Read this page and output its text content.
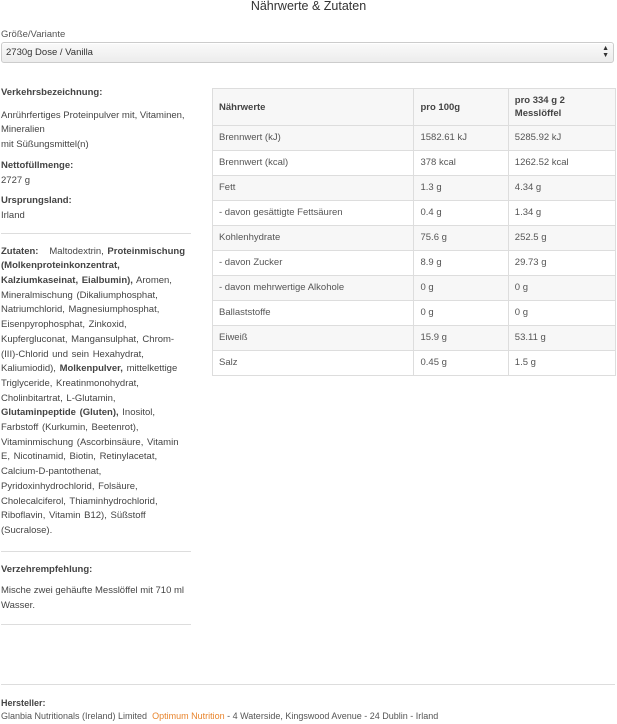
Nährwerte & Zutaten
Größe/Variante
2730g Dose / Vanilla	▲
▼
Verkehrsbezeichnung:
Anrührfertiges Proteinpulver mit, Vitaminen, Mineralien
mit Süßungsmittel(n)
Nettofüllmenge:
2727 g
Ursprungsland:
Irland
Zutaten: Maltodextrin, Proteinmischung (Molkenproteinkonzentrat, Kalziumkaseinat, Eialbumin), Aromen, Mineralmischung (Dikaliumphosphat, Natriumchlorid, Magnesiumphosphat, Eisenpyrophosphat, Zinkoxid, Kupfergluconat, Mangansulphat, Chrom-(III)-Chlorid und sein Hexahydrat, Kaliumiodid), Molkenpulver, mittelkettige Triglyceride, Kreatinmonohydrat, Cholinbitartrat, L-Glutamin, Glutaminpeptide (Gluten), Inositol, Farbstoff (Kurkumin, Beetenrot), Vitaminmischung (Ascorbinsäure, Vitamin E, Nicotinamid, Biotin, Retinylacetat, Calcium-D-pantothenat, Pyridoxinhydrochlorid, Folsäure, Cholecalciferol, Thiaminhydrochlorid, Riboflavin, Vitamin B12), Süßstoff (Sucralose).
Verzehrempfehlung:
Mische zwei gehäufte Messlöffel mit 710 ml
Wasser.
Nährwerte	pro 100g	pro 334 g 2 Messlöffel
Brennwert (kJ)	1582.61 kJ	5285.92 kJ
Brennwert (kcal)	378 kcal	1262.52 kcal
Fett	1.3 g	4.34 g
- davon gesättigte Fettsäuren	0.4 g	1.34 g
Kohlenhydrate	75.6 g	252.5 g
- davon Zucker	8.9 g	29.73 g
- davon mehrwertige Alkohole	0 g	0 g
Ballaststoffe	0 g	0 g
Eiweiß	15.9 g	53.11 g
Salz	0.45 g	1.5 g
Hersteller:
Glanbia Nutritionals (Ireland) Limited Optimum Nutrition - 4 Waterside, Kingswood Avenue - 24 Dublin - Irland
